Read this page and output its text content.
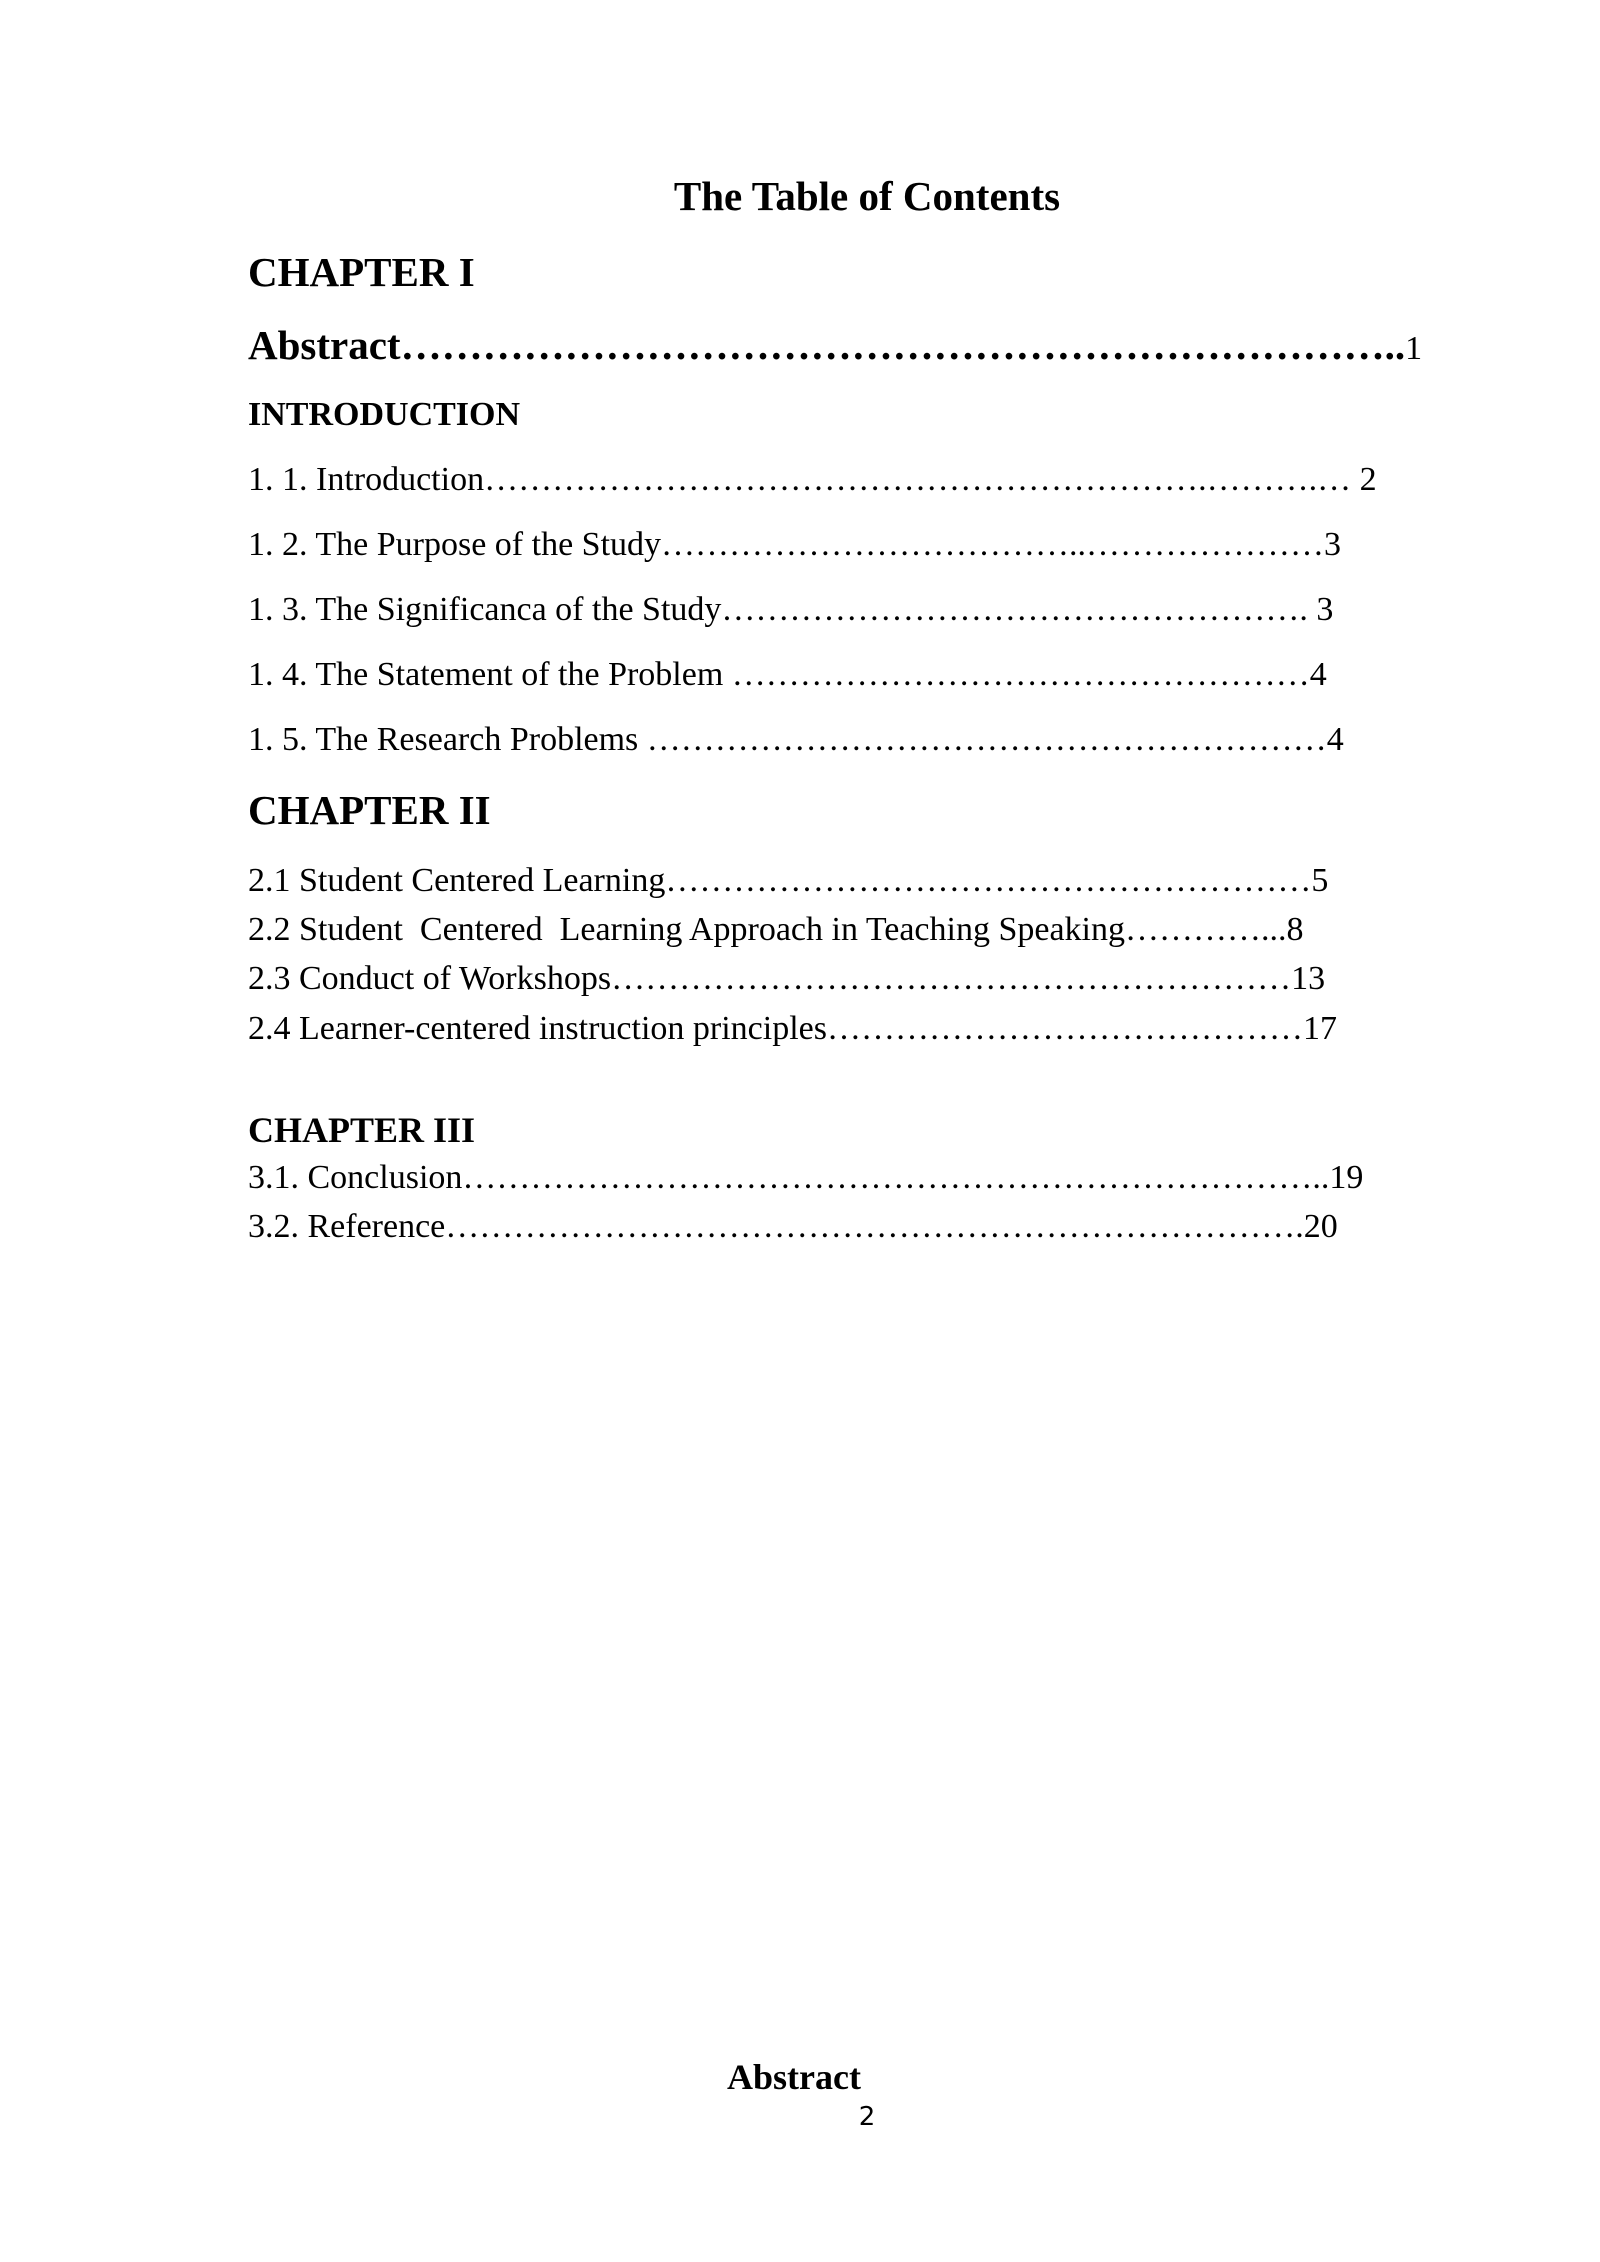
The Table of Contents
CHAPTER I
Abstract………………………………………………………………..1
INTRODUCTION
1. 1. Introduction……………………………………………………….……….… 2
1. 2. The Purpose of the Study………………………………..…………………3
1. 3. The Significanca of the Study……………………………………………. 3
1. 4. The Statement of the Problem ……………………………………………4
1. 5. The Research Problems ……………………………………………………4
CHAPTER II
2.1 Student Centered Learning…………………………………………………5
2.2 Student  Centered  Learning Approach in Teaching Speaking…………...8
2.3 Conduct of Workshops……………………………………………………13
2.4 Learner-centered instruction principles……………………………………17
CHAPTER III
3.1. Conclusion…………………………………………………………………..19
3.2. Reference………………………………………………………………….20
Abstract
2
